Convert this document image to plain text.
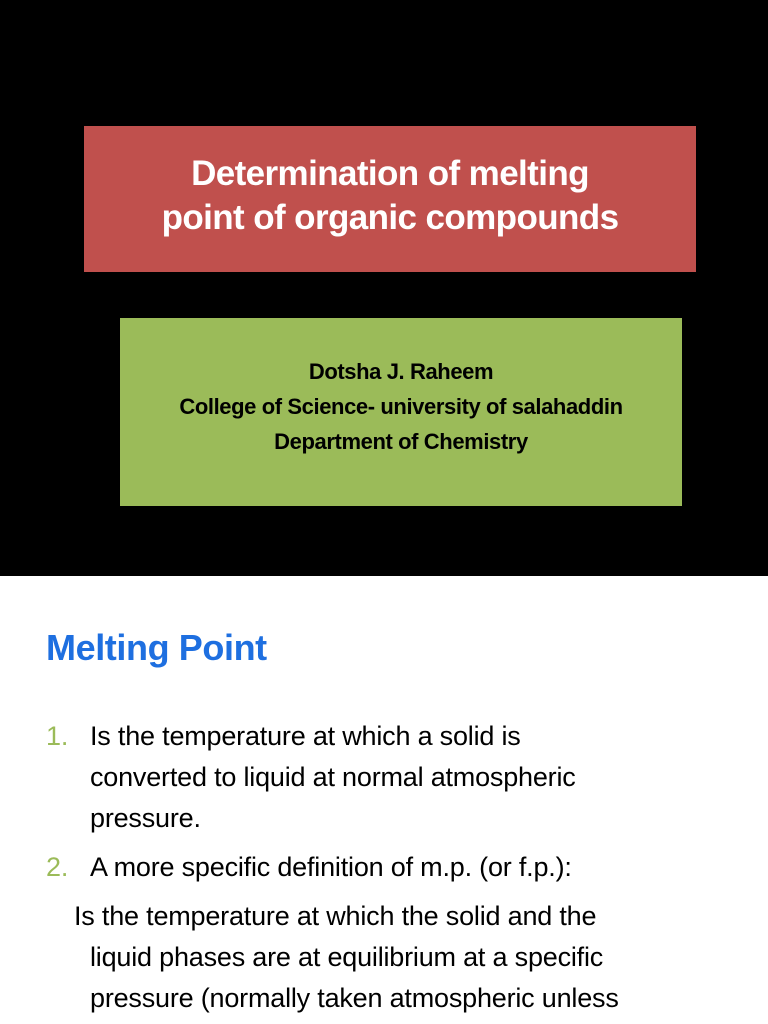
Determination of melting
point of organic compounds
Dotsha J. Raheem
College of Science- university of salahaddin
Department of Chemistry
Melting Point
1. Is the temperature at which a solid is
converted to liquid at normal atmospheric
pressure.
2. A more specific definition of m.p. (or f.p.):
Is the temperature at which the solid and the
liquid phases are at equilibrium at a specific
pressure (normally taken atmospheric unless
